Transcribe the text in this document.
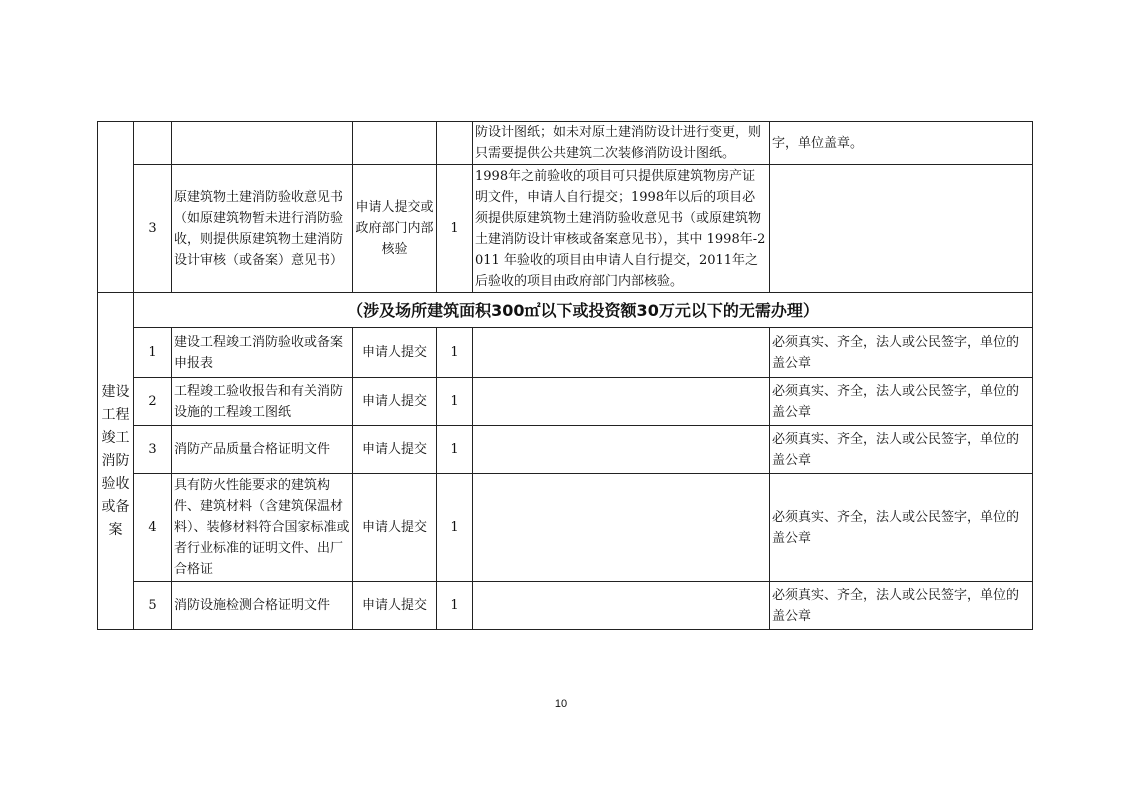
					防设计图纸；如未对原土建消防设计进行变更，则只需要提供公共建筑二次装修消防设计图纸。	字，单位盖章。
	3	原建筑物土建消防验收意见书（如原建筑物暂未进行消防验收，则提供原建筑物土建消防设计审核（或备案）意见书）	申请人提交或政府部门内部核验	1	1998年之前验收的项目可只提供原建筑物房产证明文件，申请人自行提交；1998年以后的项目必须提供原建筑物土建消防验收意见书（或原建筑物土建消防设计审核或备案意见书），其中 1998年-2011 年验收的项目由申请人自行提交，2011年之后验收的项目由政府部门内部核验。	
建设工程竣工消防验收或备案	（涉及场所建筑面积300㎡以下或投资额30万元以下的无需办理）					
	1	建设工程竣工消防验收或备案申报表	申请人提交	1		必须真实、齐全，法人或公民签字，单位的盖公章
	2	工程竣工验收报告和有关消防设施的工程竣工图纸	申请人提交	1		必须真实、齐全，法人或公民签字，单位的盖公章
	3	消防产品质量合格证明文件	申请人提交	1		必须真实、齐全，法人或公民签字，单位的盖公章
	4	具有防火性能要求的建筑构件、建筑材料（含建筑保温材料）、装修材料符合国家标准或者行业标准的证明文件、出厂合格证	申请人提交	1		必须真实、齐全，法人或公民签字，单位的盖公章
	5	消防设施检测合格证明文件	申请人提交	1		必须真实、齐全，法人或公民签字，单位的盖公章
10
